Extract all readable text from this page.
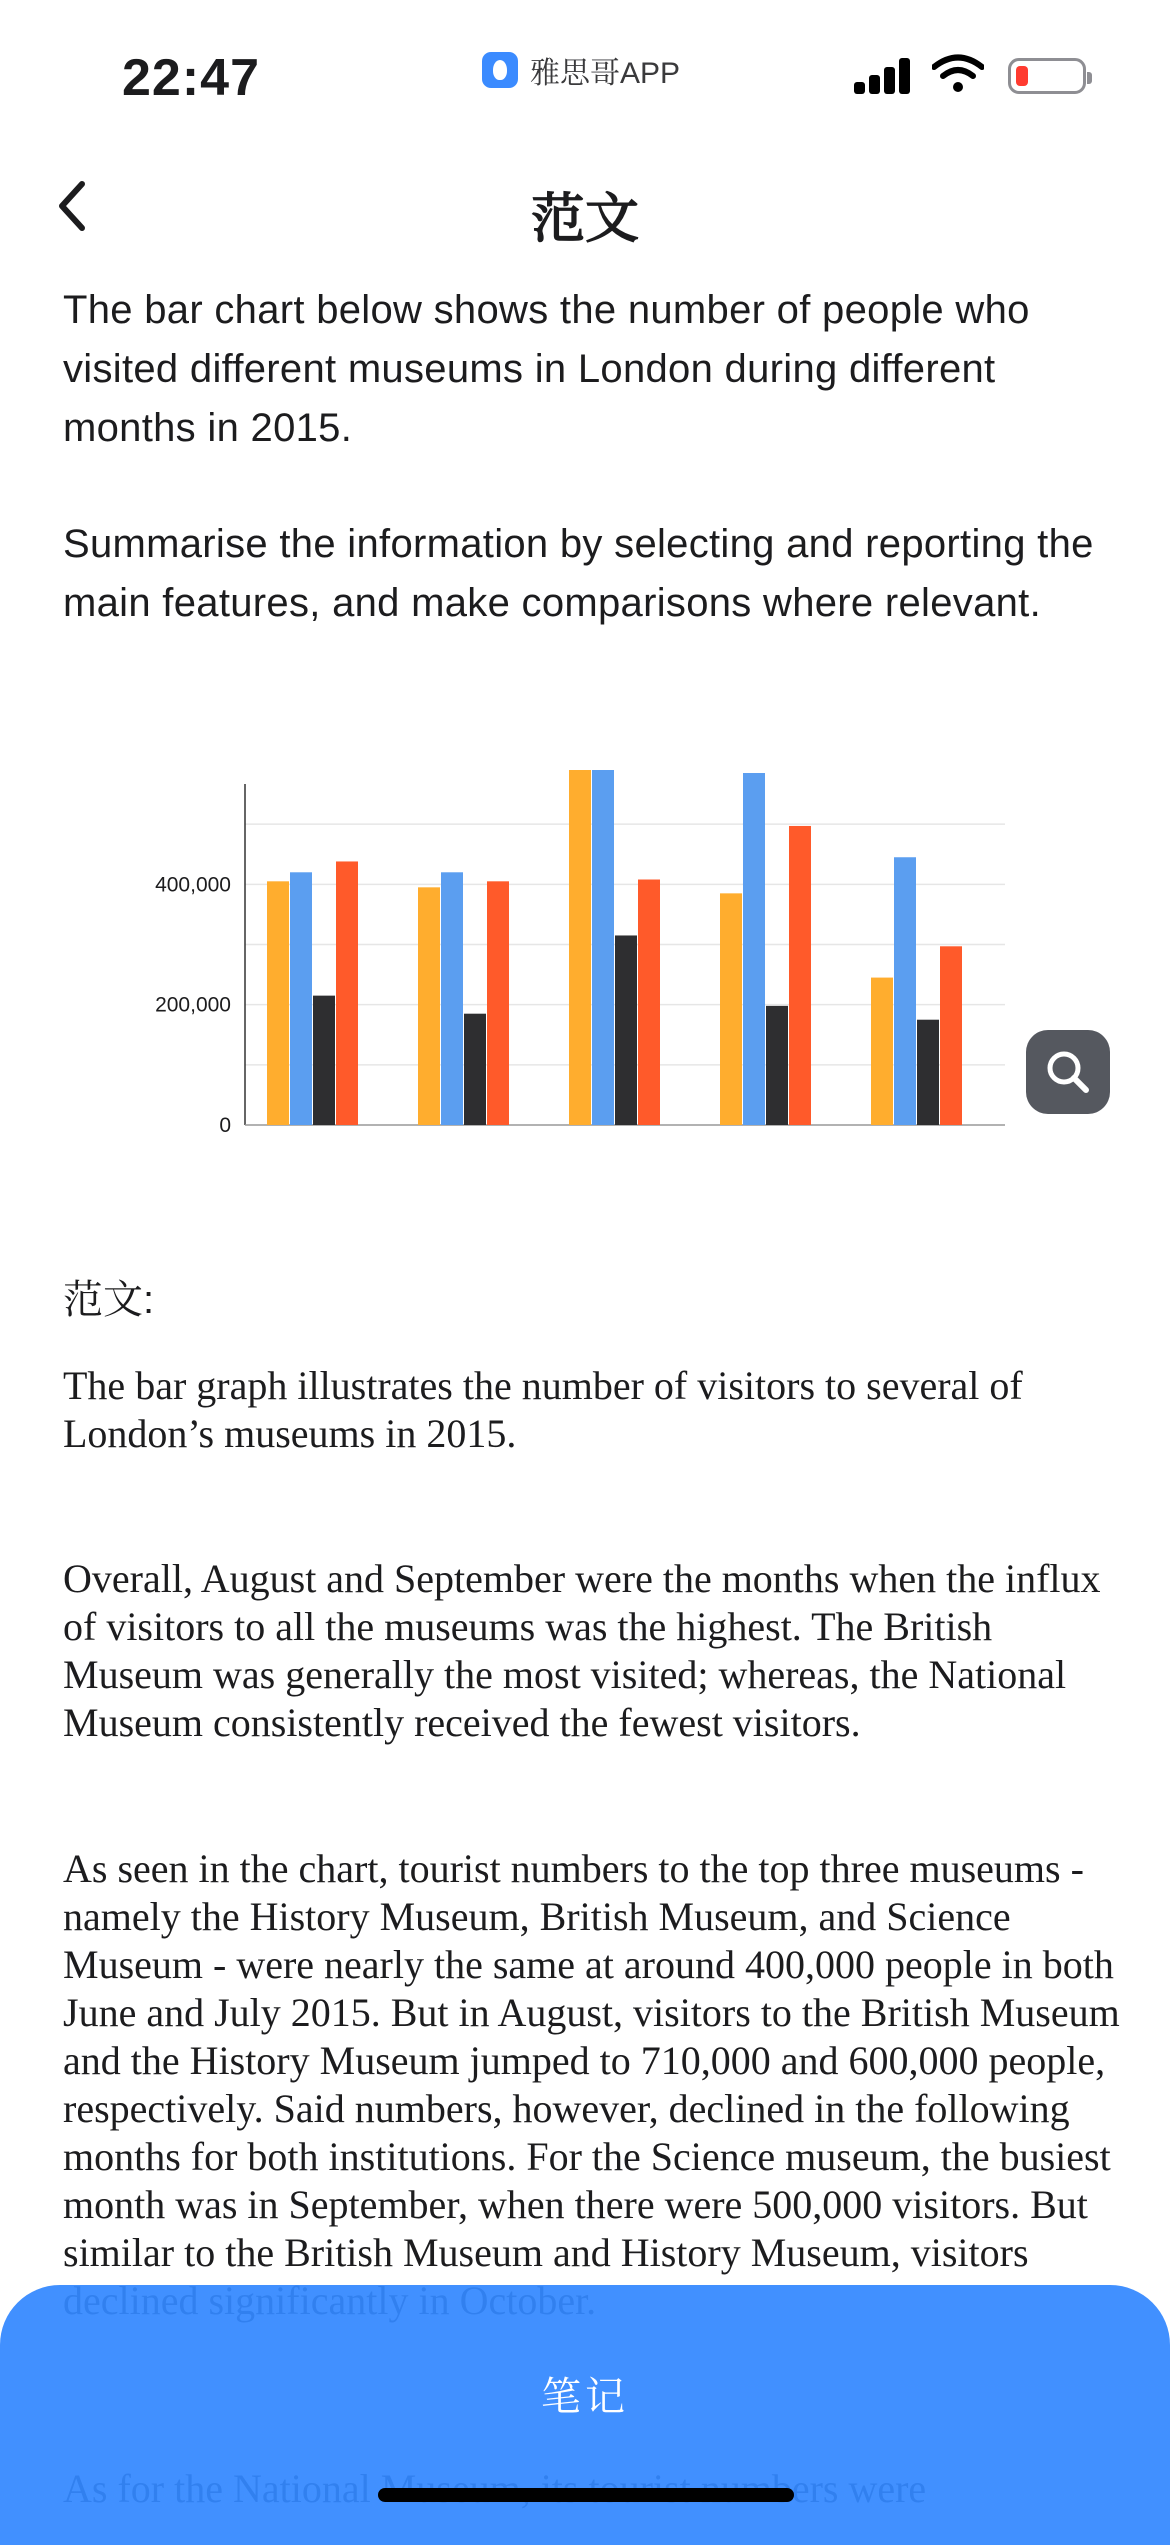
22:47	雅思哥APP
范文

The bar chart below shows the number of people who visited different museums in London during different months in 2015.

Summarise the information by selecting and reporting the main features, and make comparisons where relevant.

0
200,000
400,000
范文:

The bar graph illustrates the number of visitors to several of London’s museums in 2015.

Overall, August and September were the months when the influx of visitors to all the museums was the highest. The British Museum was generally the most visited; whereas, the National Museum consistently received the fewest visitors.

As seen in the chart, tourist numbers to the top three museums - namely the History Museum, British Museum, and Science Museum - were nearly the same at around 400,000 people in both June and July 2015. But in August, visitors to the British Museum and the History Museum jumped to 710,000 and 600,000 people, respectively. Said numbers, however, declined in the following months for both institutions. For the Science museum, the busiest month was in September, when there were 500,000 visitors. But similar to the British Museum and History Museum, visitors

笔记
